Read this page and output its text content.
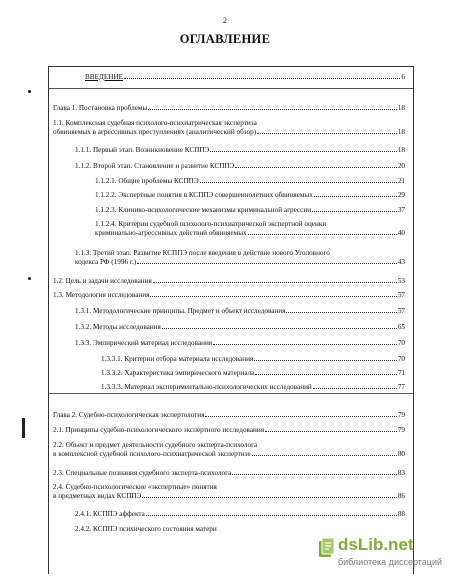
2
ОГЛАВЛЕНИЕ
ВВЕДЕНИЕ	6
Глава 1. Постановка проблемы	18
1.1. Комплексная судебная психолого-психиатрическая экспертиза
обвиняемых в агрессивных преступлениях (аналитический обзор)	18
1.1.1. Первый этап. Возникновение КСППЭ	18
1.1.2. Второй этап. Становление и развитие КСППЭ	20
1.1.2.1. Общие проблемы КСППЭ	21
1.1.2.2. Экспертные понятия в КСППЭ совершеннолетних обвиняемых	29
1.1.2.3. Клинико-психологические механизмы криминальной агрессии	37
1.1.2.4. Критерии судебной психолого-психиатрической экспертной оценки
криминально-агрессивных действий обвиняемых	40
1.1.3. Третий этап. Развитие КСППЭ после введения в действие нового Уголовного
кодекса РФ (1996 г.)	43
1.2. Цель и задачи исследования	53
1.3. Методология исследования	57
1.3.1. Методологические принципы. Предмет и объект исследования	57
1.3.2. Методы исследования	65
1.3.3. Эмпирический материал исследования	70
1.3.3.1. Критерии отбора материала исследования	70
1.3.3.2. Характеристика эмпирического материала	71
1.3.3.3. Материал экспериментально-психологических исследований	77
Глава 2. Судебно-психологическая экспертология	79
2.1. Принципы судебно-психологического экспертного исследования	79
2.2. Объект и предмет деятельности судебного эксперта-психолога
в комплексной судебной психолого-психиатрической экспертизе	80
2.3. Специальные познания судебного эксперта-психолога	83
2.4. Судебно-психологические «экспертные» понятия
в предметных видах КСППЭ	86
2.4.1. КСППЭ аффекта	88
2.4.2. КСППЭ психического состояния матери
dsLib.net
библиотека диссертаций
